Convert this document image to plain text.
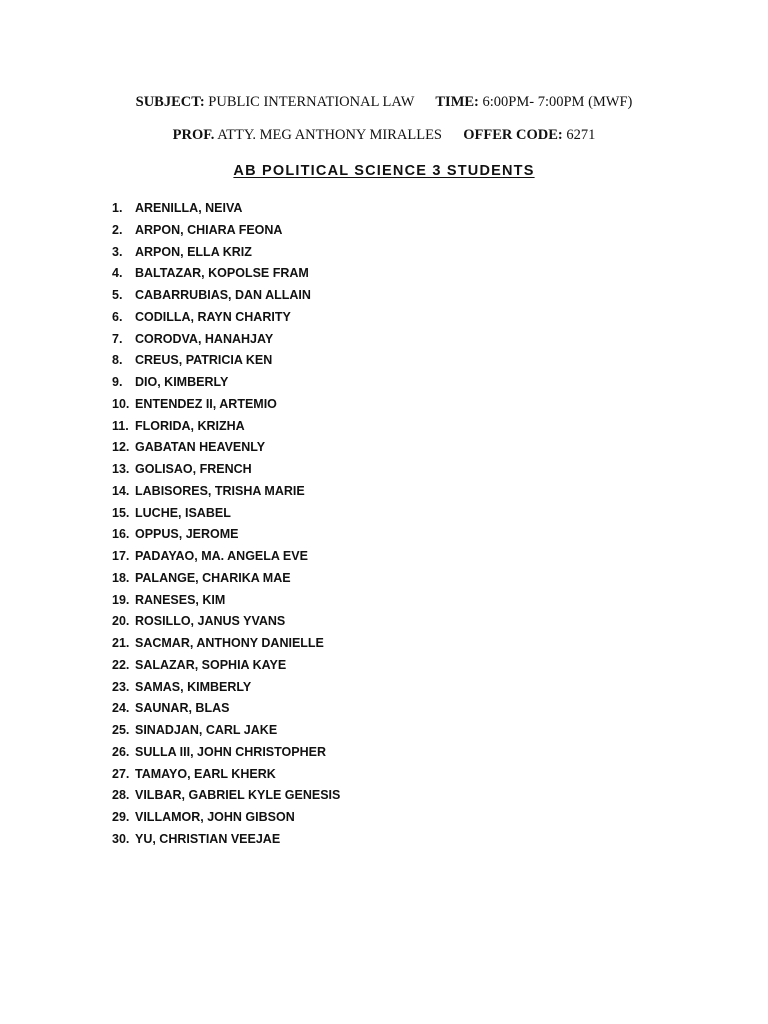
SUBJECT: PUBLIC INTERNATIONAL LAW TIME: 6:00PM- 7:00PM (MWF)
PROF. ATTY. MEG ANTHONY MIRALLES OFFER CODE: 6271
AB POLITICAL SCIENCE 3 STUDENTS
1. ARENILLA, NEIVA
2. ARPON, CHIARA FEONA
3. ARPON, ELLA KRIZ
4. BALTAZAR, KOPOLSE FRAM
5. CABARRUBIAS, DAN ALLAIN
6. CODILLA, RAYN CHARITY
7. CORODVA, HANAHJAY
8. CREUS, PATRICIA KEN
9. DIO, KIMBERLY
10. ENTENDEZ II, ARTEMIO
11. FLORIDA, KRIZHA
12. GABATAN HEAVENLY
13. GOLISAO, FRENCH
14. LABISORES, TRISHA MARIE
15. LUCHE, ISABEL
16. OPPUS, JEROME
17. PADAYAO, MA. ANGELA EVE
18. PALANGE, CHARIKA MAE
19. RANESES, KIM
20. ROSILLO, JANUS YVANS
21. SACMAR, ANTHONY DANIELLE
22. SALAZAR, SOPHIA KAYE
23. SAMAS, KIMBERLY
24. SAUNAR, BLAS
25. SINADJAN, CARL JAKE
26. SULLA III, JOHN CHRISTOPHER
27. TAMAYO, EARL KHERK
28. VILBAR, GABRIEL KYLE GENESIS
29. VILLAMOR, JOHN GIBSON
30. YU, CHRISTIAN VEEJAE
